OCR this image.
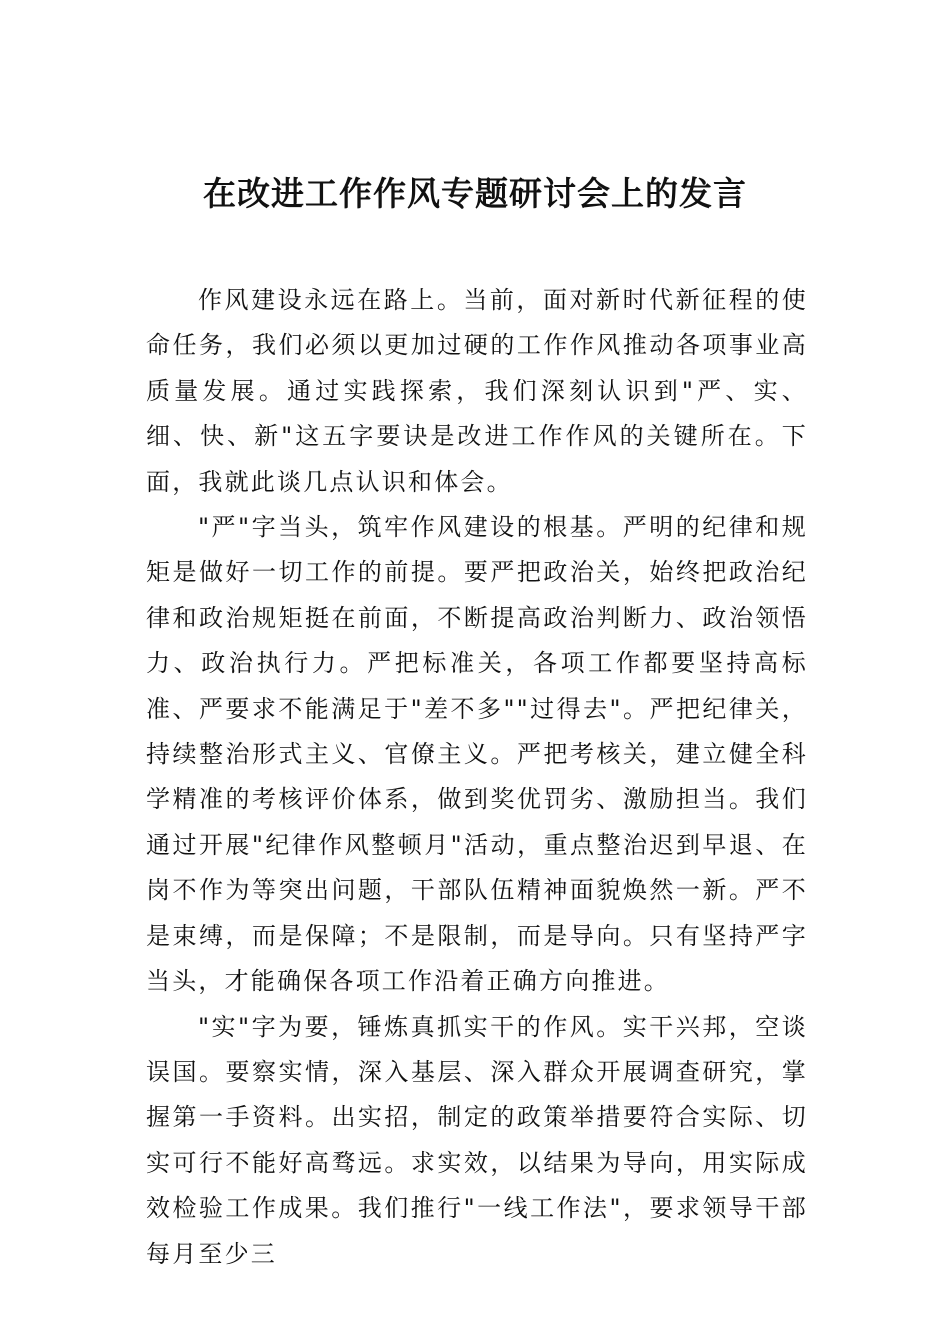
在改进工作作风专题研讨会上的发言

作风建设永远在路上。当前，面对新时代新征程的使命任务，我们必须以更加过硬的工作作风推动各项事业高质量发展。通过实践探索，我们深刻认识到"严、实、细、快、新"这五字要诀是改进工作作风的关键所在。下面，我就此谈几点认识和体会。

"严"字当头，筑牢作风建设的根基。严明的纪律和规矩是做好一切工作的前提。要严把政治关，始终把政治纪律和政治规矩挺在前面，不断提高政治判断力、政治领悟力、政治执行力。严把标准关，各项工作都要坚持高标准、严要求不能满足于"差不多""过得去"。严把纪律关，持续整治形式主义、官僚主义。严把考核关，建立健全科学精准的考核评价体系，做到奖优罚劣、激励担当。我们通过开展"纪律作风整顿月"活动，重点整治迟到早退、在岗不作为等突出问题，干部队伍精神面貌焕然一新。严不是束缚，而是保障；不是限制，而是导向。只有坚持严字当头，才能确保各项工作沿着正确方向推进。

"实"字为要，锤炼真抓实干的作风。实干兴邦，空谈误国。要察实情，深入基层、深入群众开展调查研究，掌握第一手资料。出实招，制定的政策举措要符合实际、切实可行不能好高骛远。求实效，以结果为导向，用实际成效检验工作成果。我们推行"一线工作法"，要求领导干部每月至少三
